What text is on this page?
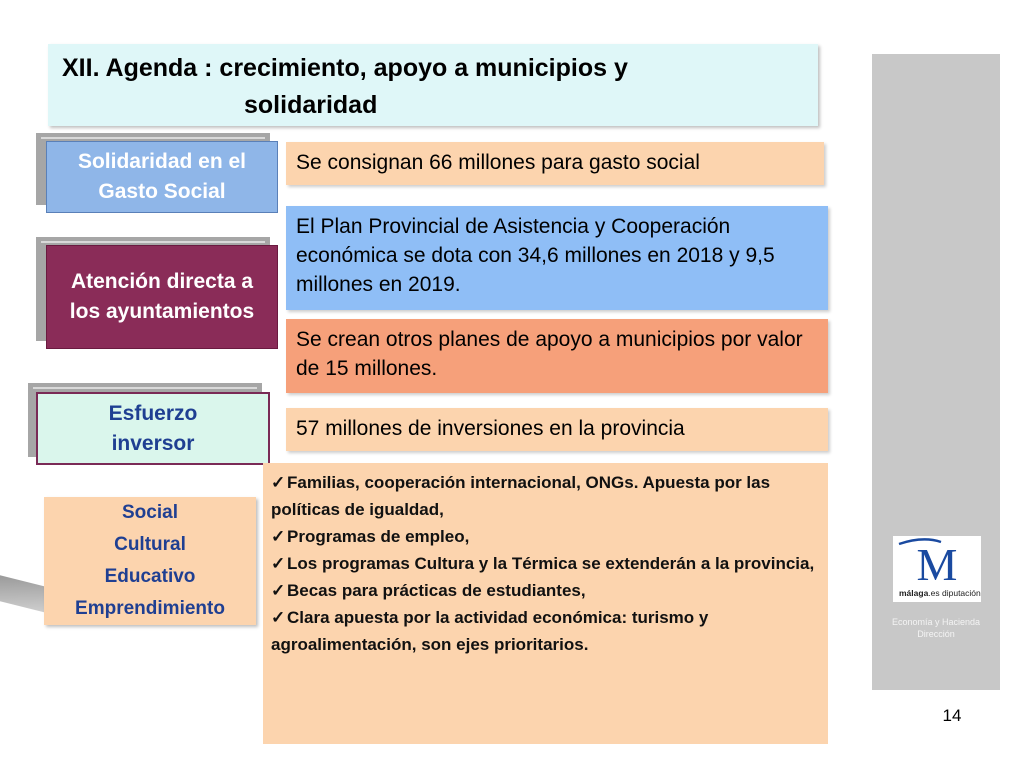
XII. Agenda : crecimiento, apoyo a municipios y
solidaridad
M
málaga.es diputación
Economía y Hacienda
Dirección
14
Solidaridad en el Gasto Social
Atención directa a los ayuntamientos
Esfuerzo inversor
Se consignan 66 millones para gasto social
El Plan Provincial de Asistencia y Cooperación económica se dota con 34,6 millones en 2018 y 9,5 millones en 2019.
Se crean otros planes de apoyo a municipios por valor de 15 millones.
57 millones de inversiones en la provincia
Social
Cultural
Educativo
Emprendimiento
✓ Familias, cooperación internacional, ONGs. Apuesta por las políticas de igualdad,
✓ Programas de empleo,
✓ Los programas Cultura y la Térmica se extenderán a la provincia,
✓ Becas para prácticas de estudiantes,
✓ Clara apuesta por la actividad económica: turismo y agroalimentación, son ejes prioritarios.
